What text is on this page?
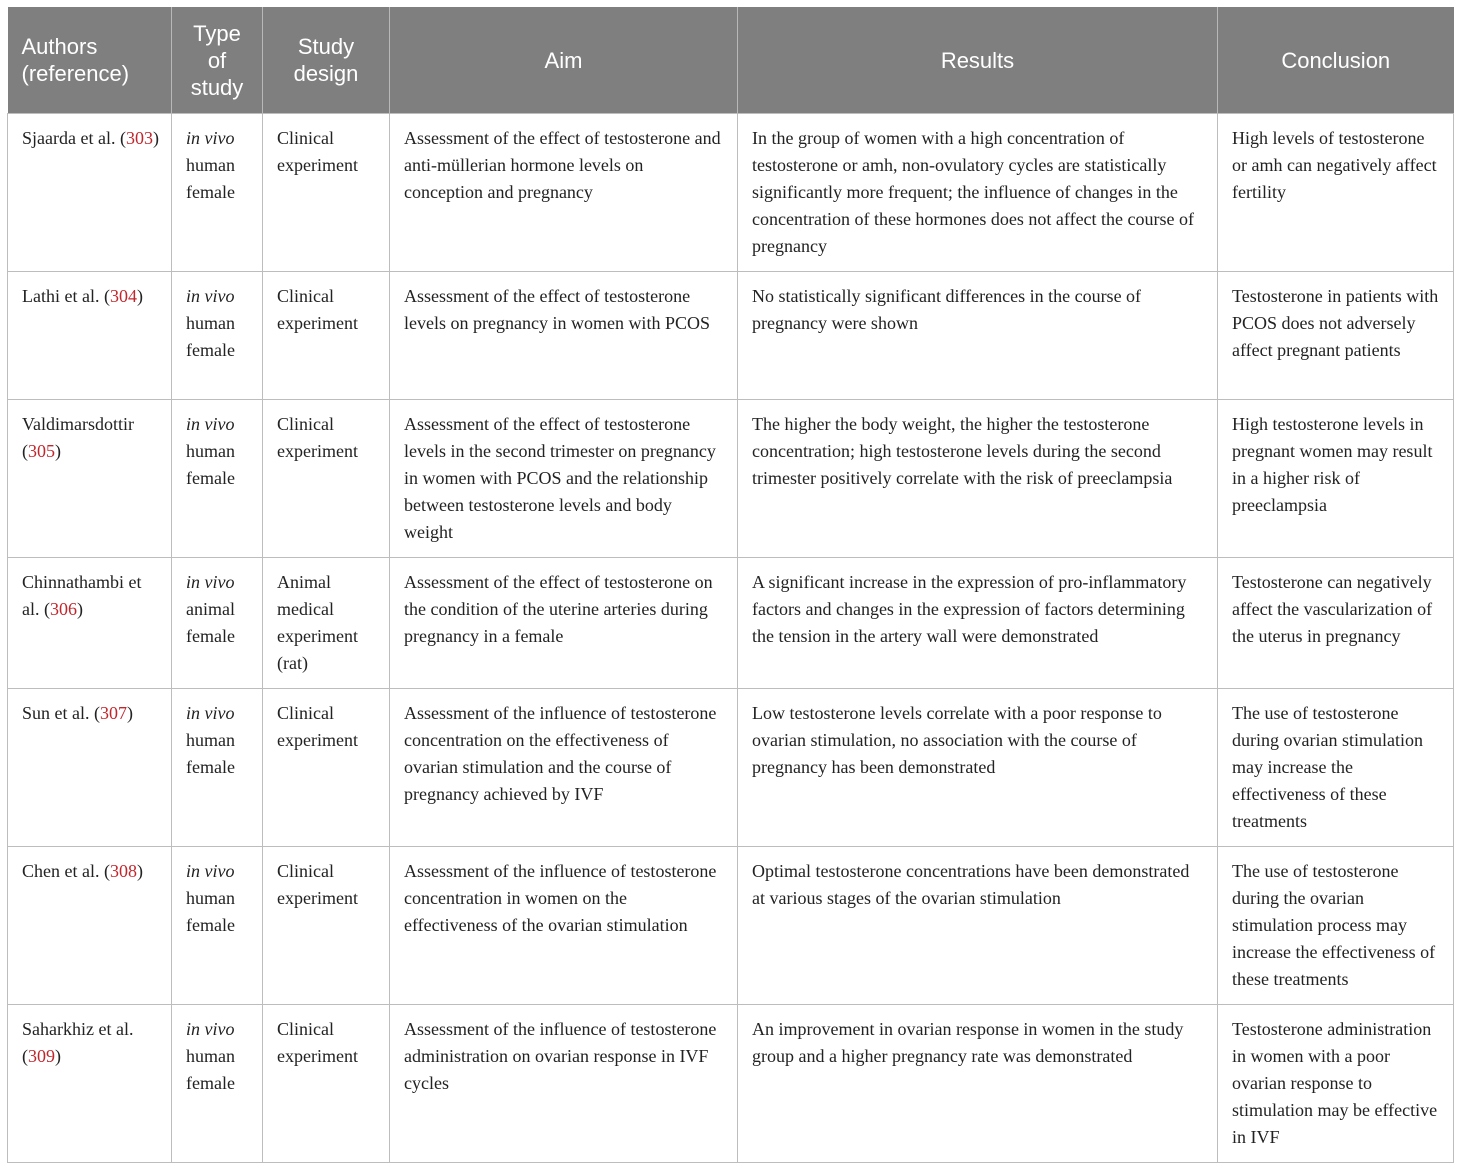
Authors (reference)	Type of study	Study design	Aim	Results	Conclusion
Sjaarda et al. (303)	in vivo human female	Clinical experiment	Assessment of the effect of testosterone and anti-müllerian hormone levels on conception and pregnancy	In the group of women with a high concentration of testosterone or amh, non-ovulatory cycles are statistically significantly more frequent; the influence of changes in the concentration of these hormones does not affect the course of pregnancy	High levels of testosterone or amh can negatively affect fertility
Lathi et al. (304)	in vivo human female	Clinical experiment	Assessment of the effect of testosterone levels on pregnancy in women with PCOS	No statistically significant differences in the course of pregnancy were shown	Testosterone in patients with PCOS does not adversely affect pregnant patients
Valdimarsdottir (305)	in vivo human female	Clinical experiment	Assessment of the effect of testosterone levels in the second trimester on pregnancy in women with PCOS and the relationship between testosterone levels and body weight	The higher the body weight, the higher the testosterone concentration; high testosterone levels during the second trimester positively correlate with the risk of preeclampsia	High testosterone levels in pregnant women may result in a higher risk of preeclampsia
Chinnathambi et al. (306)	in vivo animal female	Animal medical experiment (rat)	Assessment of the effect of testosterone on the condition of the uterine arteries during pregnancy in a female	A significant increase in the expression of pro-inflammatory factors and changes in the expression of factors determining the tension in the artery wall were demonstrated	Testosterone can negatively affect the vascularization of the uterus in pregnancy
Sun et al. (307)	in vivo human female	Clinical experiment	Assessment of the influence of testosterone concentration on the effectiveness of ovarian stimulation and the course of pregnancy achieved by IVF	Low testosterone levels correlate with a poor response to ovarian stimulation, no association with the course of pregnancy has been demonstrated	The use of testosterone during ovarian stimulation may increase the effectiveness of these treatments
Chen et al. (308)	in vivo human female	Clinical experiment	Assessment of the influence of testosterone concentration in women on the effectiveness of the ovarian stimulation	Optimal testosterone concentrations have been demonstrated at various stages of the ovarian stimulation	The use of testosterone during the ovarian stimulation process may increase the effectiveness of these treatments
Saharkhiz et al. (309)	in vivo human female	Clinical experiment	Assessment of the influence of testosterone administration on ovarian response in IVF cycles	An improvement in ovarian response in women in the study group and a higher pregnancy rate was demonstrated	Testosterone administration in women with a poor ovarian response to stimulation may be effective in IVF
